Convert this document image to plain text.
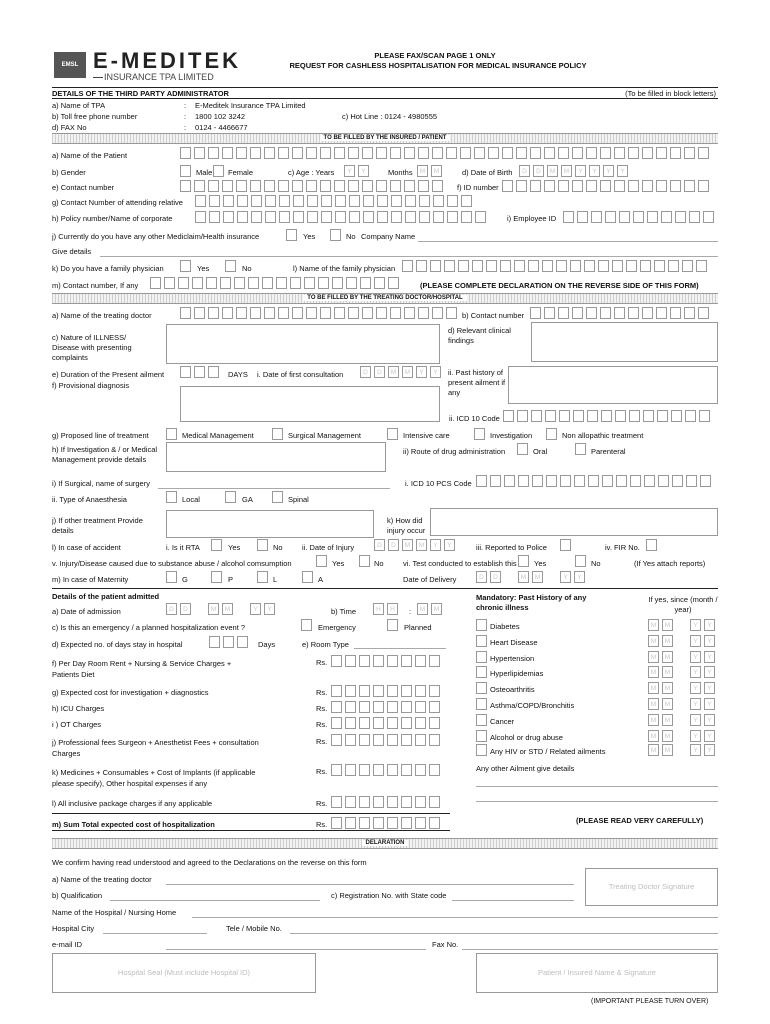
EMSL E-MEDITEK
INSURANCE TPA LIMITED
PLEASE FAX/SCAN PAGE 1 ONLY
REQUEST FOR CASHLESS HOSPITALISATION FOR MEDICAL INSURANCE POLICY
DETAILS OF THE THIRD PARTY ADMINISTRATOR	(To be filled in block letters)
a) Name of TPA	: E-Meditek Insurance TPA Limited
b) Toll free phone number	: 1800 102 3242	c) Hot Line : 0124 - 4980555
d) FAX No	: 0124 - 4466677
TO BE FILLED BY THE INSURED / PATIENT
a) Name of the Patient
b) Gender	Male Female	c) Age : Years	Y	Y	Months	M	M	d) Date of Birth	D	D	M	M	Y	Y	Y	Y
e) Contact number	f) ID number
g) Contact Number of attending relative
h) Policy number/Name of corporate	i) Employee ID
j) Currently do you have any other Mediclaim/Health insurance	Yes	No Company Name
Give details
k) Do you have a family physician	Yes	No	l) Name of the family physician
m) Contact number, If any	(PLEASE COMPLETE DECLARATION ON THE REVERSE SIDE OF THIS FORM)
TO BE FILLED BY THE TREATING DOCTOR/HOSPITAL
a) Name of the treating doctor	b) Contact number
c) Nature of ILLNESS/ Disease with presenting complaints
d) Relevant clinical findings
e) Duration of the Present ailment	DAYS i. Date of first consultation	D	D	M	M	Y	Y
f) Provisional diagnosis
ii. Past history of present ailment if any
ii. ICD 10 Code
g) Proposed line of treatment	Medical Management	Surgical Management	Intensive care	Investigation	Non allopathic treatment
h) If Investigation & / or Medical Management provide details
ii) Route of drug administration	Oral	Parenteral
i) If Surgical, name of surgery	i. ICD 10 PCS Code
ii. Type of Anaesthesia	Local	GA	Spinal
j) If other treatment Provide details
k) How did injury occur
l) In case of accident	i. Is it RTA	Yes	No	ii. Date of Injury	D	D	M	M	Y	Y	iii. Reported to Police	iv. FIR No.
v. Injury/Disease caused due to substance abuse / alcohol comsumption	Yes	No	vi. Test conducted to establish this Yes	No	(If Yes attach reports)
m) In case of Maternity	G	P	L	A	Date of Delivery	D	D	M	M	Y	Y
Details of the patient admitted
a) Date of admission	D	D	M	M	Y	Y	b) Time	H	H	:	M	M
c) Is this an emergency / a planned hospitalization event ?	Emergency	Planned
d) Expected no. of days stay in hospital	Days	e) Room Type
f) Per Day Room Rent + Nursing & Service Charges + Patients Diet
Rs.
g) Expected cost for investigation + diagnostics	Rs.
h) ICU Charges	Rs.
i ) OT Charges	Rs.
j) Professional fees Surgeon + Anesthetist Fees + consultation Charges
Rs.
k) Medicines + Consumables + Cost of Implants (if applicable please specify), Other hospital expenses if any
Rs.
l) All inclusive package charges if any applicable	Rs.
m) Sum Total expected cost of hospitalization	Rs.
Mandatory: Past History of any chronic illness
If yes, since (month / year)
Diabetes	M	M	Y	Y
Heart Disease	M	M	Y	Y
Hypertension	M	M	Y	Y
Hyperlipidemias	M	M	Y	Y
Osteoarthritis	M	M	Y	Y
Asthma/COPD/Bronchitis	M	M	Y	Y
Cancer	M	M	Y	Y
Alcohol or drug abuse	M	M	Y	Y
Any HIV or STD / Related ailments	M	M	Y	Y
Any other Ailment give details
(PLEASE READ VERY CAREFULLY)
DELARATION
We confirm having read understood and agreed to the Declarations on the reverse on this form
a) Name of the treating doctor
b) Qualification	c) Registration No. with State code
Treating Doctor Signature
Name of the Hospital / Nursing Home
Hospital City	Tele / Mobile No.
e-mail ID	Fax No.
Hospital Seal (Must include Hospital ID)	Patient / Insured Name & Signature
(IMPORTANT PLEASE TURN OVER)
